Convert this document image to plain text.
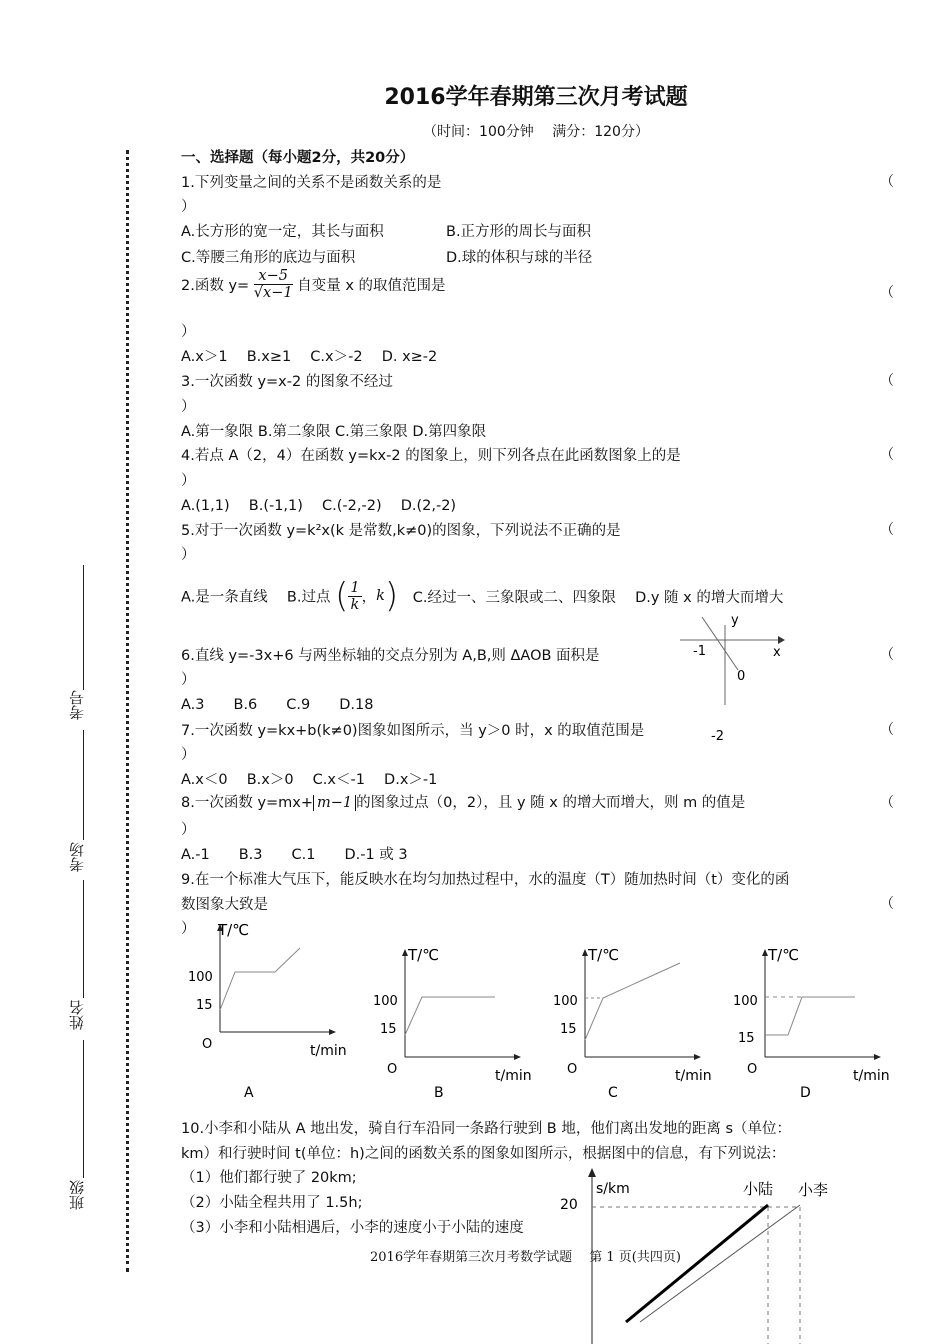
2016学年春期第三次月考试题
（时间：100分钟　 满分：120分）
考号
考场
姓名
班级
一、选择题（每小题2分，共20分）
1.下列变量之间的关系不是函数关系的是	（
）
A.长方形的宽一定，其长与面积	B.正方形的周长与面积
C.等腰三角形的底边与面积	D.球的体积与球的半径
2.函数 $y= \frac{x-5}{√x-1}$ 自变量 x 的取值范围是	（
）
A.x＞1　 B.x≥1　 C.x＞-2　 D. x≥-2
3.一次函数 y=x-2 的图象不经过	（
）
A.第一象限 B.第二象限 C.第三象限 D.第四象限
4.若点 A（2，4）在函数 y=kx-2 的图象上，则下列各点在此函数图象上的是	（
）
A.(1,1)　 B.(-1,1)　 C.(-2,-2)　 D.(2,-2)
5.对于一次函数 y=k²x(k 是常数,k≠0)的图象，下列说法不正确的是	（
）
A.是一条直线　 B.过点 ( $\frac{1}{k}$ ，k) C.经过一、三象限或二、四象限　 D.y 随 x 的增大而增大
6.直线 y=-3x+6 与两坐标轴的交点分别为 A,B,则 ΔAOB 面积是	（
）
A.3　　B.6　　C.9　　D.18
y
x
-1
0
-2
7.一次函数 y=kx+b(k≠0)图象如图所示，当 y＞0 时，x 的取值范围是	（
）
A.x＜0　 B.x＞0　 C.x＜-1　 D.x＞-1
8.一次函数 y=mx+ m−1 的图象过点（0，2），且 y 随 x 的增大而增大，则 m 的值是	（
）
A.-1　　B.3　　C.1　　D.-1 或 3
9.在一个标准大气压下，能反映水在均匀加热过程中，水的温度（T）随加热时间（t）变化的函
数图象大致是	（
） T/℃
100
15
O	t/min
A
T/℃
100
15
O	t/min
B
T/℃
100
15
O	t/min
C
T/℃
100
15
O	t/min
D
10.小李和小陆从 A 地出发，骑自行车沿同一条路行驶到 B 地，他们离出发地的距离 s（单位：
km）和行驶时间 t(单位：h)之间的函数关系的图象如图所示，根据图中的信息，有下列说法：
（1）他们都行驶了 20km;
（2）小陆全程共用了 1.5h;
（3）小李和小陆相遇后，小李的速度小于小陆的速度
s/km
20
小陆 小李
2016学年春期第三次月考数学试题　 第 1 页(共四页)
